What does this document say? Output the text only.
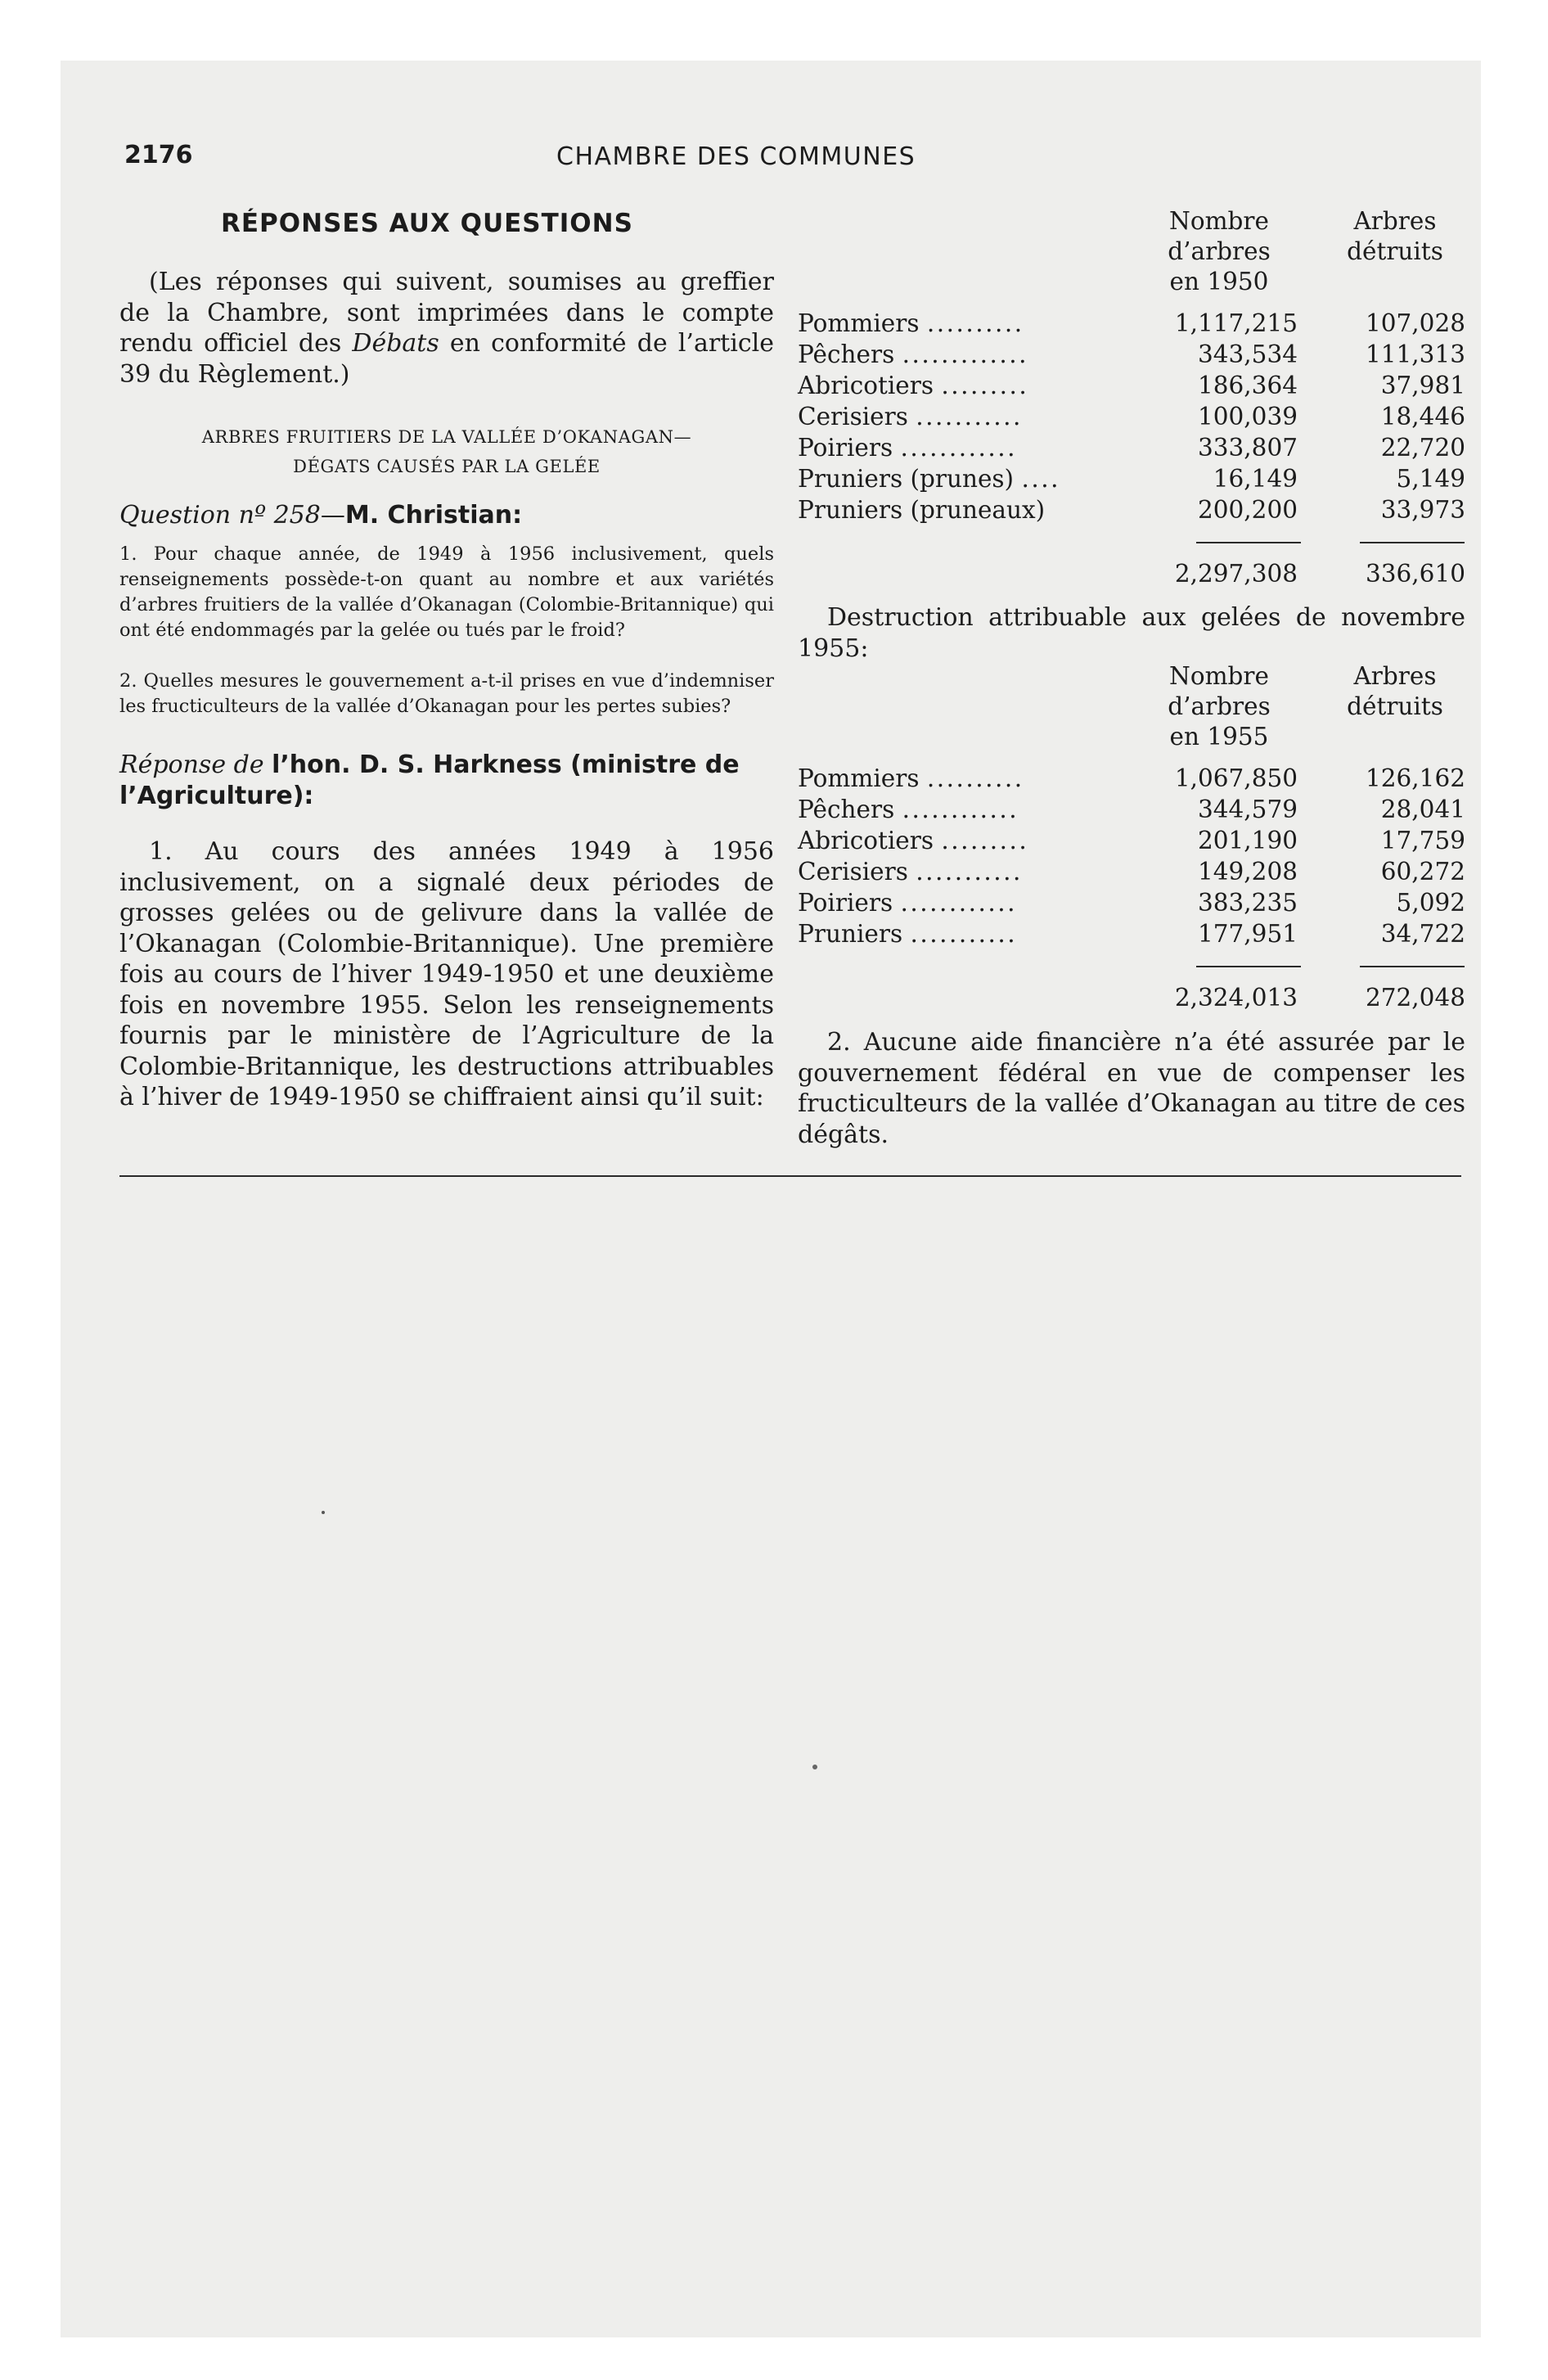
2176	CHAMBRE DES COMMUNES
RÉPONSES AUX QUESTIONS

(Les réponses qui suivent, soumises au greffier de la Chambre, sont imprimées dans le compte rendu officiel des Débats en conformité de l’article 39 du Règlement.)

ARBRES FRUITIERS DE LA VALLÉE D’OKANAGAN—
DÉGATS CAUSÉS PAR LA GELÉE
Question nº 258—M. Christian:

1. Pour chaque année, de 1949 à 1956 inclusivement, quels renseignements possède-t-on quant au nombre et aux variétés d’arbres fruitiers de la vallée d’Okanagan (Colombie-Britannique) qui ont été endommagés par la gelée ou tués par le froid?

2. Quelles mesures le gouvernement a-t-il prises en vue d’indemniser les fructiculteurs de la vallée d’Okanagan pour les pertes subies?

Réponse de l’hon. D. S. Harkness (ministre de l’Agriculture):

1. Au cours des années 1949 à 1956 inclusivement, on a signalé deux périodes de grosses gelées ou de gelivure dans la vallée de l’Okanagan (Colombie-Britannique). Une première fois au cours de l’hiver 1949-1950 et une deuxième fois en novembre 1955. Selon les renseignements fournis par le ministère de l’Agriculture de la Colombie-Britannique, les destructions attribuables à l’hiver de 1949-1950 se chiffraient ainsi qu’il suit:

Nombre
d’arbres
en 1950
Arbres
détruits
Pommiers ..........	1,117,215	107,028
Pêchers .............	343,534	111,313
Abricotiers .........	186,364	37,981
Cerisiers ...........	100,039	18,446
Poiriers ............	333,807	22,720
Pruniers (prunes) ....	16,149	5,149
Pruniers (pruneaux)	200,200	33,973
2,297,308	336,610

Destruction attribuable aux gelées de novembre 1955:

Nombre
d’arbres
en 1955
Arbres
détruits
Pommiers ..........	1,067,850	126,162
Pêchers ............	344,579	28,041
Abricotiers .........	201,190	17,759
Cerisiers ...........	149,208	60,272
Poiriers ............	383,235	5,092
Pruniers ...........	177,951	34,722
2,324,013	272,048

2. Aucune aide financière n’a été assurée par le gouvernement fédéral en vue de compenser les fructiculteurs de la vallée d’Okanagan au titre de ces dégâts.
